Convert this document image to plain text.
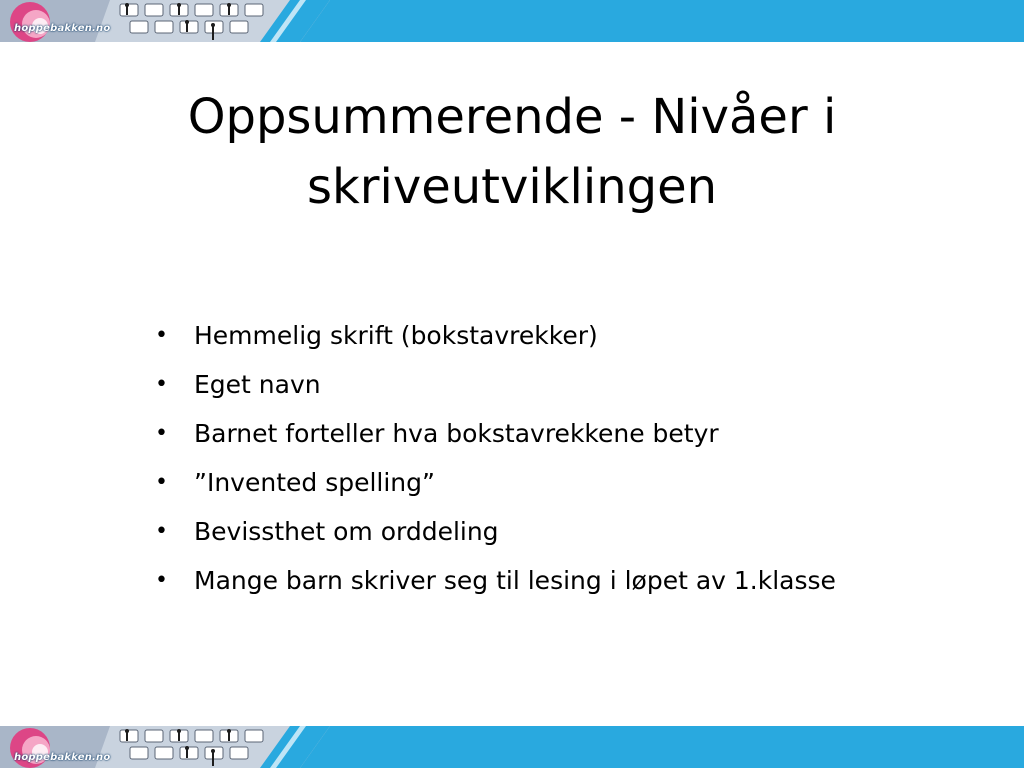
hoppebakken.no
Oppsummerende - Nivåer i
skriveutviklingen
• Hemmelig skrift (bokstavrekker)
• Eget navn
• Barnet forteller hva bokstavrekkene betyr
• ”Invented spelling”
• Bevissthet om orddeling
• Mange barn skriver seg til lesing i løpet av 1.klasse
hoppebakken.no
